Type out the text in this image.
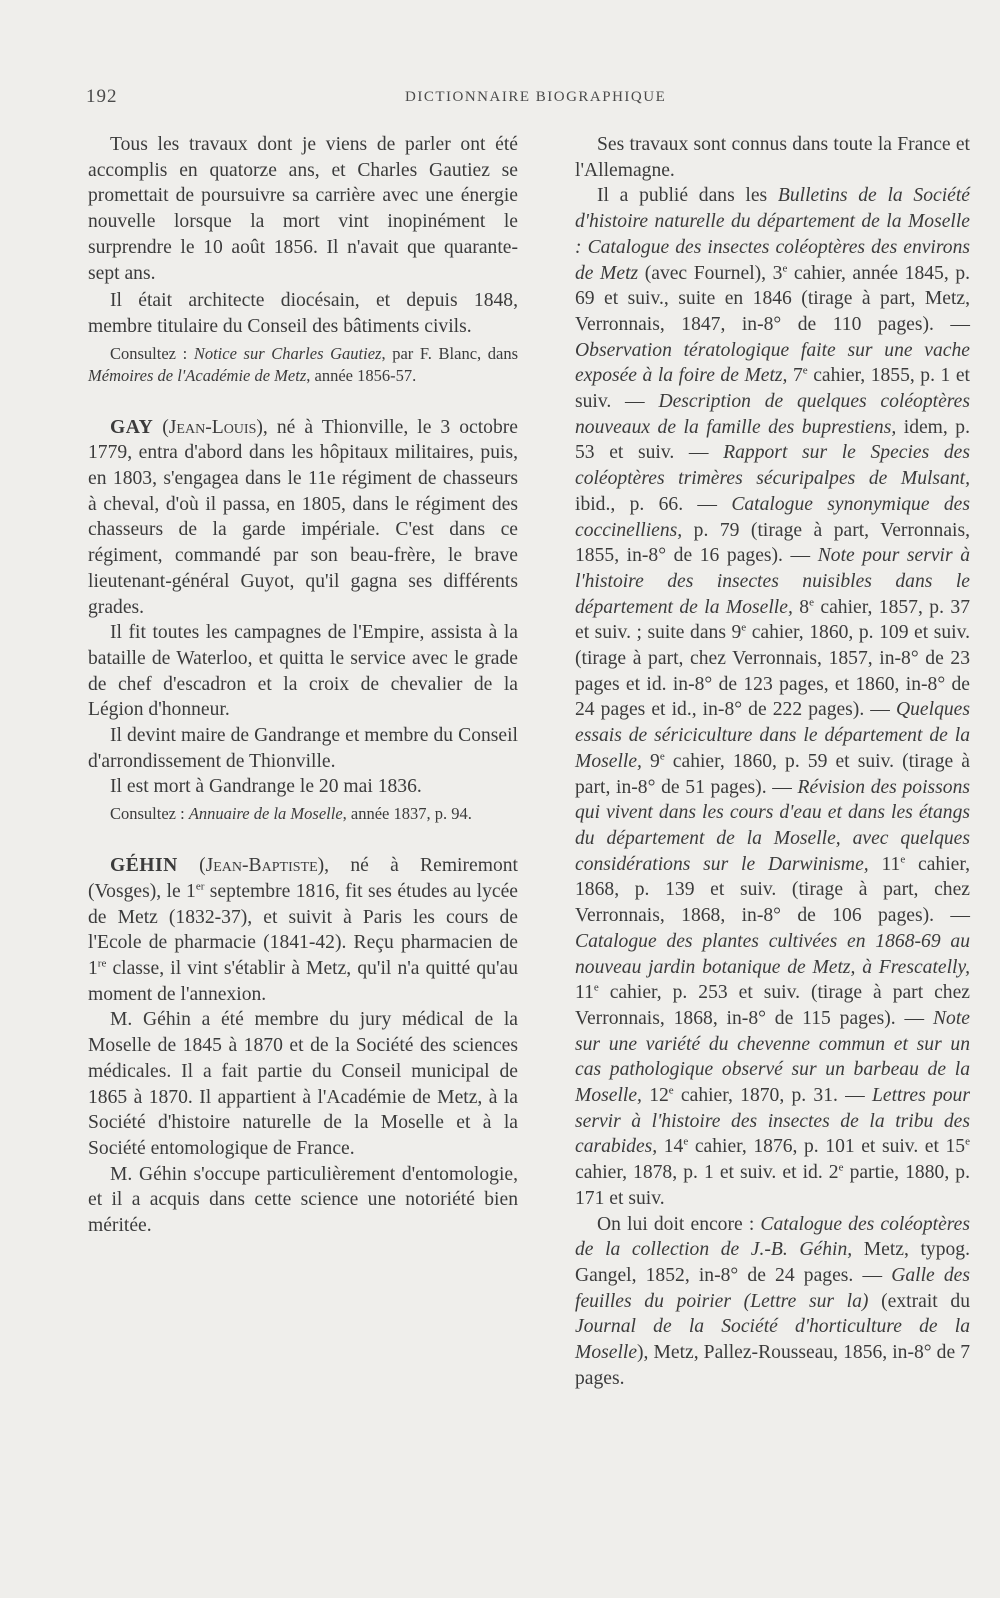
192	DICTIONNAIRE BIOGRAPHIQUE

Tous les travaux dont je viens de parler ont été accomplis en quatorze ans, et Charles Gautiez se promettait de poursuivre sa carrière avec une énergie nouvelle lorsque la mort vint inopinément le surprendre le 10 août 1856. Il n'avait que quarante-sept ans.

Il était architecte diocésain, et depuis 1848, membre titulaire du Conseil des bâtiments civils.

Consultez : Notice sur Charles Gautiez, par F. Blanc, dans Mémoires de l'Académie de Metz, année 1856-57.

GAY (Jean-Louis), né à Thionville, le 3 octobre 1779, entra d'abord dans les hôpitaux militaires, puis, en 1803, s'engagea dans le 11e régiment de chasseurs à cheval, d'où il passa, en 1805, dans le régiment des chasseurs de la garde impériale. C'est dans ce régiment, commandé par son beau-frère, le brave lieutenant-général Guyot, qu'il gagna ses différents grades.

Il fit toutes les campagnes de l'Empire, assista à la bataille de Waterloo, et quitta le service avec le grade de chef d'escadron et la croix de chevalier de la Légion d'honneur.

Il devint maire de Gandrange et membre du Conseil d'arrondissement de Thionville.

Il est mort à Gandrange le 20 mai 1836.

Consultez : Annuaire de la Moselle, année 1837, p. 94.

GÉHIN (Jean-Baptiste), né à Remiremont (Vosges), le 1er septembre 1816, fit ses études au lycée de Metz (1832-37), et suivit à Paris les cours de l'Ecole de pharmacie (1841-42). Reçu pharmacien de 1re classe, il vint s'établir à Metz, qu'il n'a quitté qu'au moment de l'annexion.

M. Géhin a été membre du jury médical de la Moselle de 1845 à 1870 et de la Société des sciences médicales. Il a fait partie du Conseil municipal de 1865 à 1870. Il appartient à l'Académie de Metz, à la Société d'histoire naturelle de la Moselle et à la Société entomologique de France.

M. Géhin s'occupe particulièrement d'entomologie, et il a acquis dans cette science une notoriété bien méritée.

Ses travaux sont connus dans toute la France et l'Allemagne.

Il a publié dans les Bulletins de la Société d'histoire naturelle du département de la Moselle : Catalogue des insectes coléoptères des environs de Metz (avec Fournel), 3e cahier, année 1845, p. 69 et suiv., suite en 1846 (tirage à part, Metz, Verronnais, 1847, in-8° de 110 pages). — Observation tératologique faite sur une vache exposée à la foire de Metz, 7e cahier, 1855, p. 1 et suiv. — Description de quelques coléoptères nouveaux de la famille des buprestiens, idem, p. 53 et suiv. — Rapport sur le Species des coléoptères trimères sécuripalpes de Mulsant, ibid., p. 66. — Catalogue synonymique des coccinelliens, p. 79 (tirage à part, Verronnais, 1855, in-8° de 16 pages). — Note pour servir à l'histoire des insectes nuisibles dans le département de la Moselle, 8e cahier, 1857, p. 37 et suiv. ; suite dans 9e cahier, 1860, p. 109 et suiv. (tirage à part, chez Verronnais, 1857, in-8° de 23 pages et id. in-8° de 123 pages, et 1860, in-8° de 24 pages et id., in-8° de 222 pages). — Quelques essais de sériciculture dans le département de la Moselle, 9e cahier, 1860, p. 59 et suiv. (tirage à part, in-8° de 51 pages). — Révision des poissons qui vivent dans les cours d'eau et dans les étangs du département de la Moselle, avec quelques considérations sur le Darwinisme, 11e cahier, 1868, p. 139 et suiv. (tirage à part, chez Verronnais, 1868, in-8° de 106 pages). — Catalogue des plantes cultivées en 1868-69 au nouveau jardin botanique de Metz, à Frescatelly, 11e cahier, p. 253 et suiv. (tirage à part chez Verronnais, 1868, in-8° de 115 pages). — Note sur une variété du chevenne commun et sur un cas pathologique observé sur un barbeau de la Moselle, 12e cahier, 1870, p. 31. — Lettres pour servir à l'histoire des insectes de la tribu des carabides, 14e cahier, 1876, p. 101 et suiv. et 15e cahier, 1878, p. 1 et suiv. et id. 2e partie, 1880, p. 171 et suiv.

On lui doit encore : Catalogue des coléoptères de la collection de J.-B. Géhin, Metz, typog. Gangel, 1852, in-8° de 24 pages. — Galle des feuilles du poirier (Lettre sur la) (extrait du Journal de la Société d'horticulture de la Moselle), Metz, Pallez-Rousseau, 1856, in-8° de 7 pages.
